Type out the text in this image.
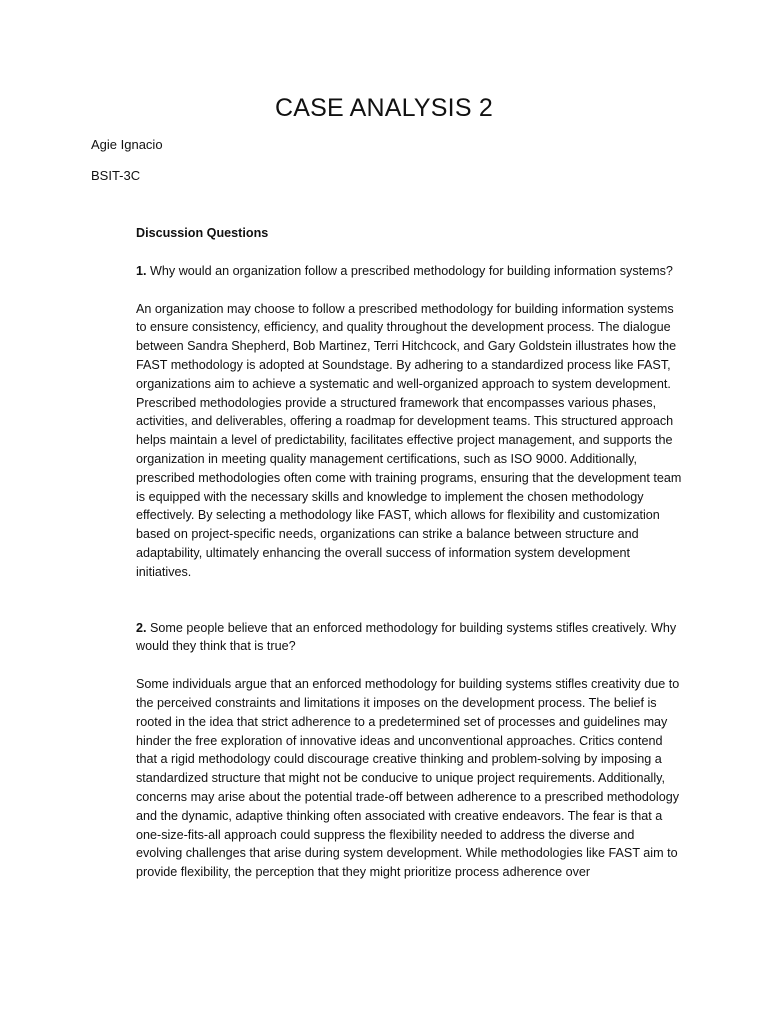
CASE ANALYSIS 2

Agie Ignacio

BSIT-3C

Discussion Questions

1. Why would an organization follow a prescribed methodology for building information systems?

An organization may choose to follow a prescribed methodology for building information systems to ensure consistency, efficiency, and quality throughout the development process. The dialogue between Sandra Shepherd, Bob Martinez, Terri Hitchcock, and Gary Goldstein illustrates how the FAST methodology is adopted at Soundstage. By adhering to a standardized process like FAST, organizations aim to achieve a systematic and well-organized approach to system development. Prescribed methodologies provide a structured framework that encompasses various phases, activities, and deliverables, offering a roadmap for development teams. This structured approach helps maintain a level of predictability, facilitates effective project management, and supports the organization in meeting quality management certifications, such as ISO 9000. Additionally, prescribed methodologies often come with training programs, ensuring that the development team is equipped with the necessary skills and knowledge to implement the chosen methodology effectively. By selecting a methodology like FAST, which allows for flexibility and customization based on project-specific needs, organizations can strike a balance between structure and adaptability, ultimately enhancing the overall success of information system development initiatives.

2. Some people believe that an enforced methodology for building systems stifles creatively. Why would they think that is true?

Some individuals argue that an enforced methodology for building systems stifles creativity due to the perceived constraints and limitations it imposes on the development process. The belief is rooted in the idea that strict adherence to a predetermined set of processes and guidelines may hinder the free exploration of innovative ideas and unconventional approaches. Critics contend that a rigid methodology could discourage creative thinking and problem-solving by imposing a standardized structure that might not be conducive to unique project requirements. Additionally, concerns may arise about the potential trade-off between adherence to a prescribed methodology and the dynamic, adaptive thinking often associated with creative endeavors. The fear is that a one-size-fits-all approach could suppress the flexibility needed to address the diverse and evolving challenges that arise during system development. While methodologies like FAST aim to provide flexibility, the perception that they might prioritize process adherence over
